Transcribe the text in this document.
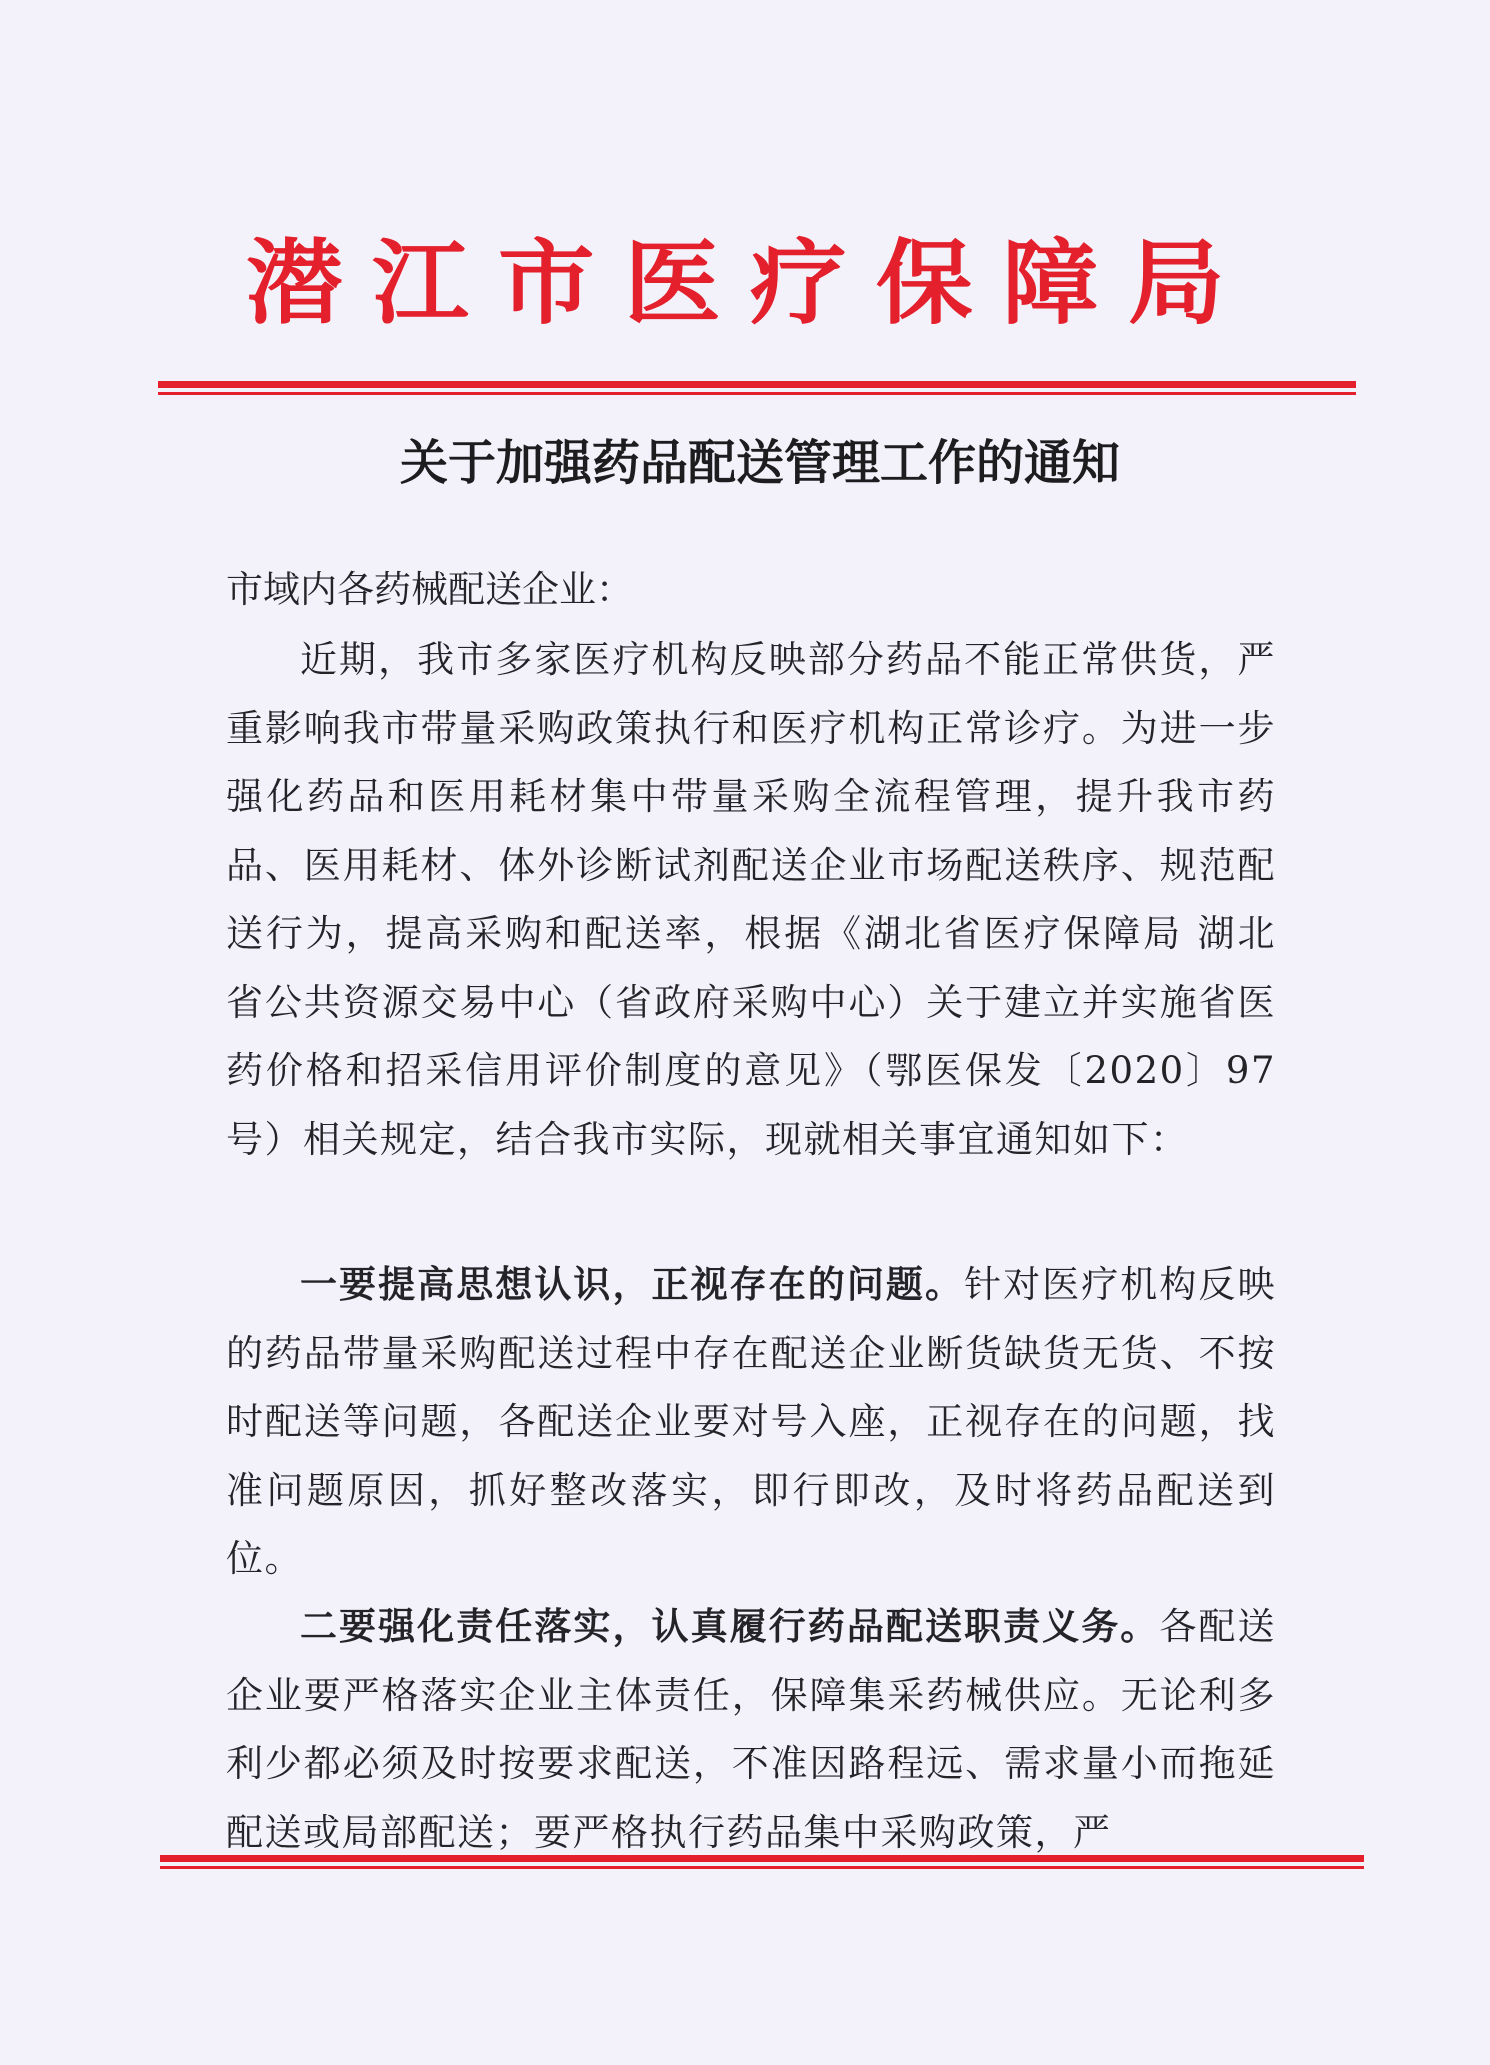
潜江市医疗保障局
关于加强药品配送管理工作的通知
市域内各药械配送企业：

近期，我市多家医疗机构反映部分药品不能正常供货，严重影响我市带量采购政策执行和医疗机构正常诊疗。为进一步强化药品和医用耗材集中带量采购全流程管理，提升我市药品、医用耗材、体外诊断试剂配送企业市场配送秩序、规范配送行为，提高采购和配送率，根据《湖北省医疗保障局 湖北省公共资源交易中心（省政府采购中心）关于建立并实施省医药价格和招采信用评价制度的意见》（鄂医保发〔2020〕97号）相关规定，结合我市实际，现就相关事宜通知如下：

一要提高思想认识，正视存在的问题。针对医疗机构反映的药品带量采购配送过程中存在配送企业断货缺货无货、不按时配送等问题，各配送企业要对号入座，正视存在的问题，找准问题原因，抓好整改落实，即行即改，及时将药品配送到位。

二要强化责任落实，认真履行药品配送职责义务。各配送企业要严格落实企业主体责任，保障集采药械供应。无论利多利少都必须及时按要求配送，不准因路程远、需求量小而拖延配送或局部配送；要严格执行药品集中采购政策，严
